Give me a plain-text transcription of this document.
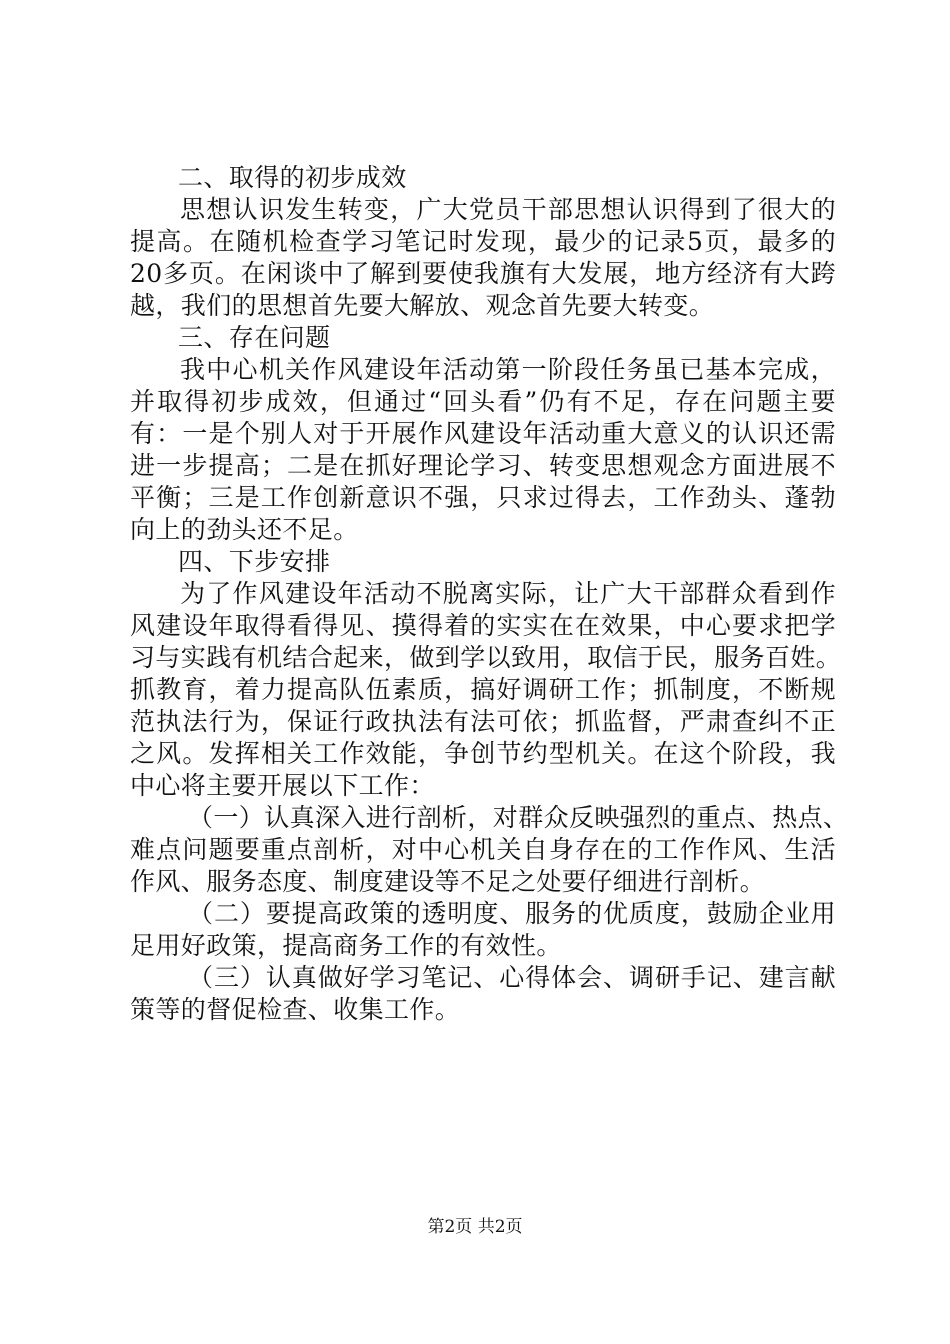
二、取得的初步成效
思想认识发生转变，广大党员干部思想认识得到了很大的
提高。在随机检查学习笔记时发现，最少的记录5页，最多的
20多页。在闲谈中了解到要使我旗有大发展，地方经济有大跨
越，我们的思想首先要大解放、观念首先要大转变。
三、存在问题
我中心机关作风建设年活动第一阶段任务虽已基本完成，
并取得初步成效，但通过“回头看”仍有不足，存在问题主要
有：一是个别人对于开展作风建设年活动重大意义的认识还需
进一步提高；二是在抓好理论学习、转变思想观念方面进展不
平衡；三是工作创新意识不强，只求过得去，工作劲头、蓬勃
向上的劲头还不足。
四、下步安排
为了作风建设年活动不脱离实际，让广大干部群众看到作
风建设年取得看得见、摸得着的实实在在效果，中心要求把学
习与实践有机结合起来，做到学以致用，取信于民，服务百姓。
抓教育，着力提高队伍素质，搞好调研工作；抓制度，不断规
范执法行为，保证行政执法有法可依；抓监督，严肃查纠不正
之风。发挥相关工作效能，争创节约型机关。在这个阶段，我
中心将主要开展以下工作：
（一）认真深入进行剖析，对群众反映强烈的重点、热点、
难点问题要重点剖析，对中心机关自身存在的工作作风、生活
作风、服务态度、制度建设等不足之处要仔细进行剖析。
（二）要提高政策的透明度、服务的优质度，鼓励企业用
足用好政策，提高商务工作的有效性。
（三）认真做好学习笔记、心得体会、调研手记、建言献
策等的督促检查、收集工作。
第2页 共2页
